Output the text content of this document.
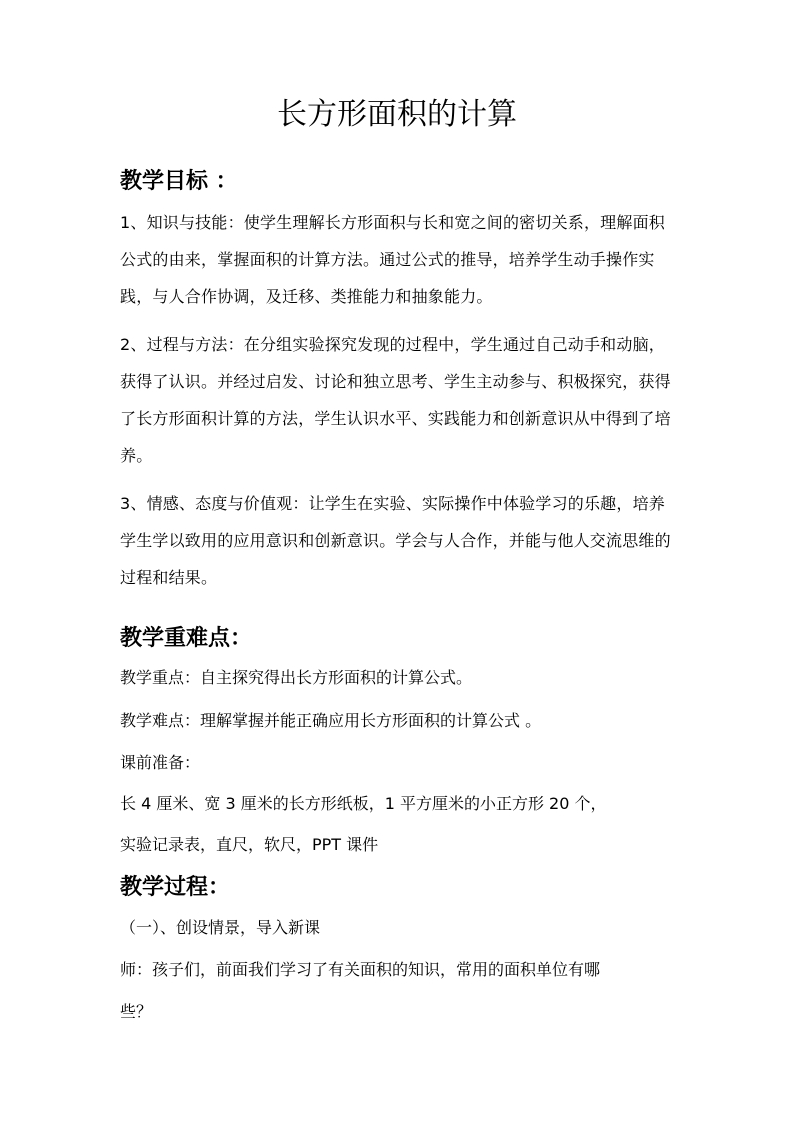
长方形面积的计算
教学目标 ：

1、知识与技能：使学生理解长方形面积与长和宽之间的密切关系，理解面积公式的由来，掌握面积的计算方法。通过公式的推导，培养学生动手操作实践，与人合作协调，及迁移、类推能力和抽象能力。

2、过程与方法：在分组实验探究发现的过程中，学生通过自己动手和动脑，获得了认识。并经过启发、讨论和独立思考、学生主动参与、积极探究，获得了长方形面积计算的方法，学生认识水平、实践能力和创新意识从中得到了培养。

3、情感、态度与价值观：让学生在实验、实际操作中体验学习的乐趣，培养学生学以致用的应用意识和创新意识。学会与人合作，并能与他人交流思维的过程和结果。

教学重难点：

教学重点：自主探究得出长方形面积的计算公式。

教学难点：理解掌握并能正确应用长方形面积的计算公式 。

课前准备：

长 4 厘米、宽 3 厘米的长方形纸板，1 平方厘米的小正方形 20 个，

实验记录表，直尺，软尺，PPT 课件

教学过程：

（一）、创设情景，导入新课

师：孩子们，前面我们学习了有关面积的知识，常用的面积单位有哪

些？
